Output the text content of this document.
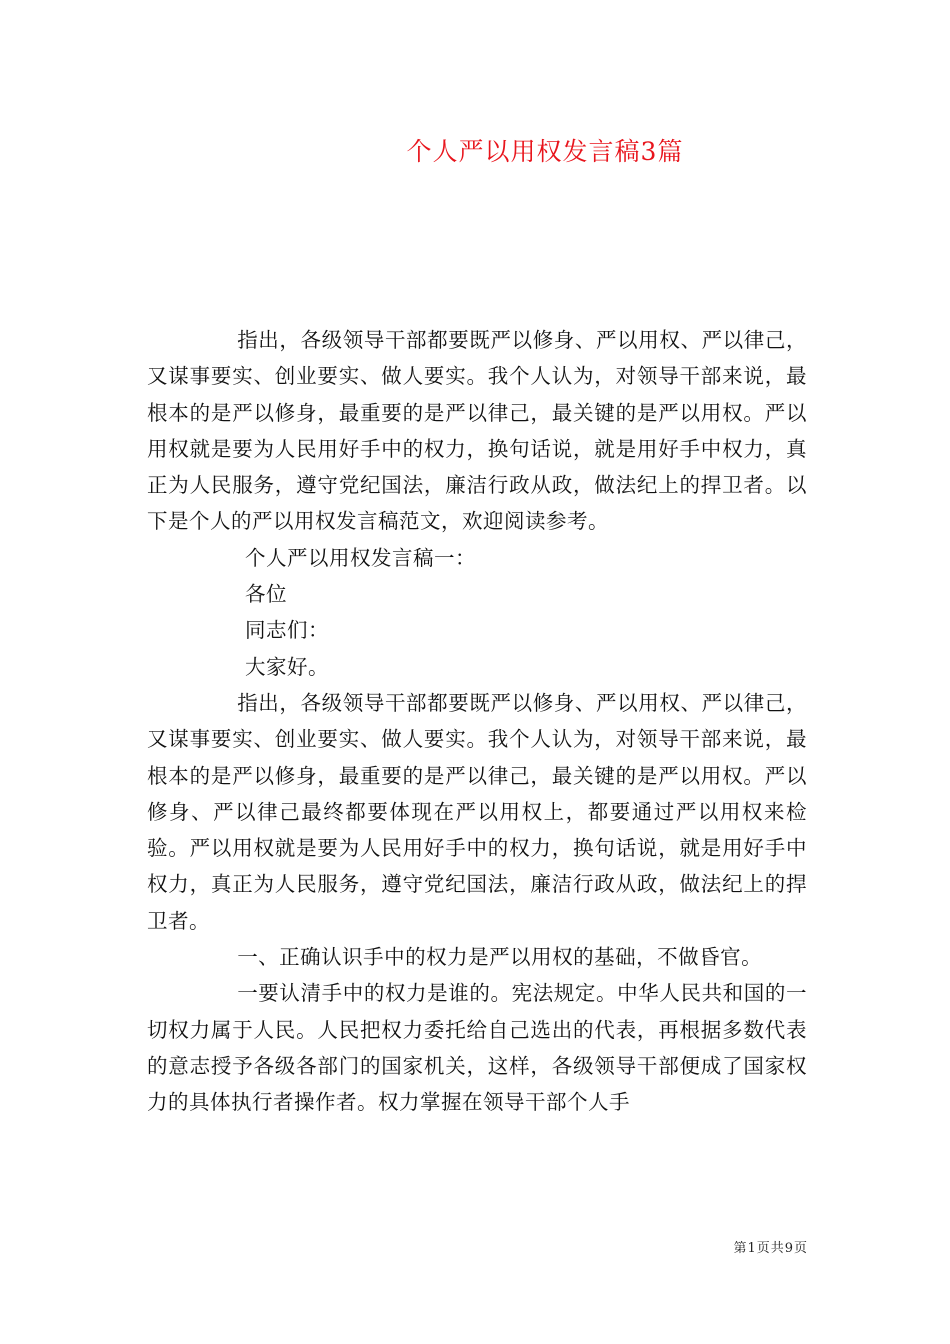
个人严以用权发言稿3篇

指出，各级领导干部都要既严以修身、严以用权、严以律己，又谋事要实、创业要实、做人要实。我个人认为，对领导干部来说，最根本的是严以修身，最重要的是严以律己，最关键的是严以用权。严以用权就是要为人民用好手中的权力，换句话说，就是用好手中权力，真正为人民服务，遵守党纪国法，廉洁行政从政，做法纪上的捍卫者。以下是个人的严以用权发言稿范文，欢迎阅读参考。

个人严以用权发言稿一：

各位

同志们：

大家好。

指出，各级领导干部都要既严以修身、严以用权、严以律己，又谋事要实、创业要实、做人要实。我个人认为，对领导干部来说，最根本的是严以修身，最重要的是严以律己，最关键的是严以用权。严以修身、严以律己最终都要体现在严以用权上，都要通过严以用权来检验。严以用权就是要为人民用好手中的权力，换句话说，就是用好手中权力，真正为人民服务，遵守党纪国法，廉洁行政从政，做法纪上的捍卫者。

一、正确认识手中的权力是严以用权的基础，不做昏官。

一要认清手中的权力是谁的。宪法规定。中华人民共和国的一切权力属于人民。人民把权力委托给自己选出的代表，再根据多数代表的意志授予各级各部门的国家机关，这样，各级领导干部便成了国家权力的具体执行者操作者。权力掌握在领导干部个人手

第1页共9页
